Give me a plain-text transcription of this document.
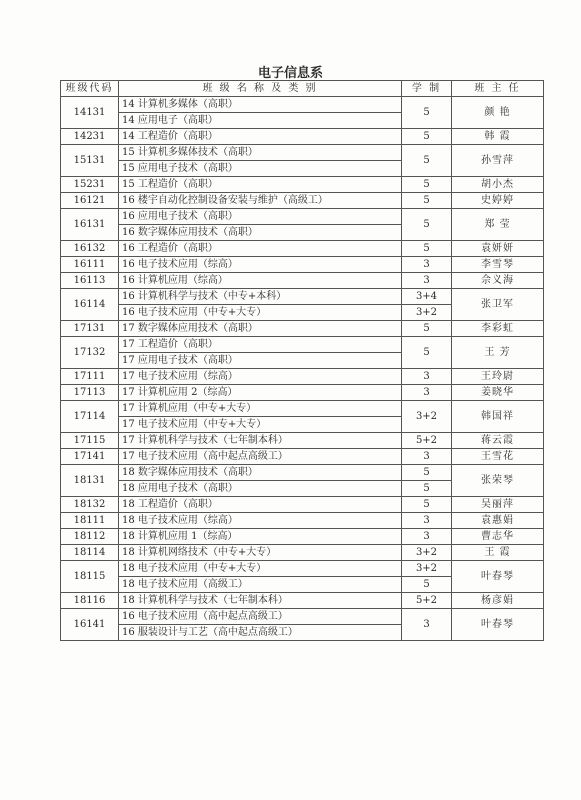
电子信息系
班级代码	班 级 名 称 及 类 别	学 制	班 主 任
14131	14 计算机多媒体（高职）	5	颜 艳
	14 应用电子（高职）		
14231	14 工程造价（高职）	5	韩 霞
15131	15 计算机多媒体技术（高职）	5	孙雪萍
	15 应用电子技术（高职）		
15231	15 工程造价（高职）	5	胡小杰
16121	16 楼宇自动化控制设备安装与维护（高级工）	5	史婷婷
16131	16 应用电子技术（高职）	5	郑 莹
	16 数字媒体应用技术（高职）		
16132	16 工程造价（高职）	5	袁妍妍
16111	16 电子技术应用（综高）	3	李雪琴
16113	16 计算机应用（综高）	3	佘义海
16114	16 计算机科学与技术（中专+本科）	3+4	张卫军
	16 电子技术应用（中专+大专）	3+2	
17131	17 数字媒体应用技术（高职）	5	李彩虹
17132	17 工程造价（高职）	5	王 芳
	17 应用电子技术（高职）		
17111	17 电子技术应用（综高）	3	王玲尉
17113	17 计算机应用 2（综高）	3	姜晓华
17114	17 计算机应用（中专+大专）	3+2	韩国祥
	17 电子技术应用（中专+大专）		
17115	17 计算机科学与技术（七年制本科）	5+2	蒋云霞
17141	17 电子技术应用（高中起点高级工）	3	王雪花
18131	18 数字媒体应用技术（高职）	5	张荣琴
	18 应用电子技术（高职）	5	
18132	18 工程造价（高职）	5	吴丽萍
18111	18 电子技术应用（综高）	3	袁惠娟
18112	18 计算机应用 1（综高）	3	曹志华
18114	18 计算机网络技术（中专+大专）	3+2	王 霞
18115	18 电子技术应用（中专+大专）	3+2	叶春琴
	18 电子技术应用（高级工）	5	
18116	18 计算机科学与技术（七年制本科）	5+2	杨彦娟
16141	16 电子技术应用（高中起点高级工）	3	叶春琴
	16 服装设计与工艺（高中起点高级工）		
